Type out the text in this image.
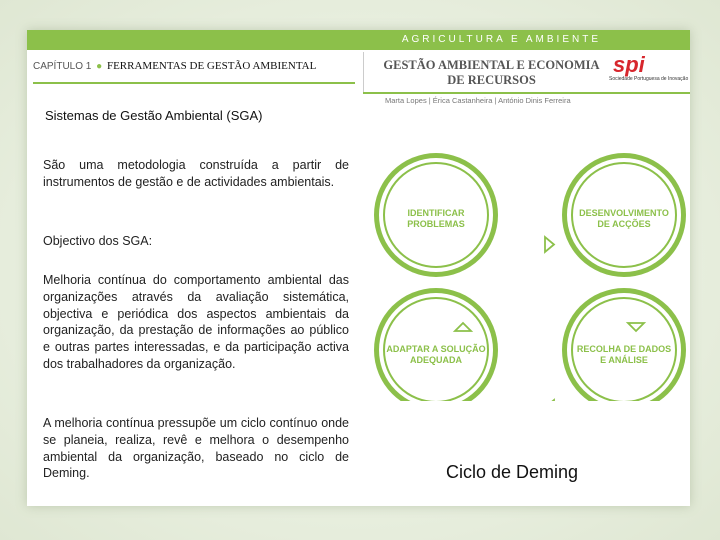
AGRICULTURA E AMBIENTE
CAPÍTULO 1 ● FERRAMENTAS DE GESTÃO AMBIENTAL	GESTÃO AMBIENTAL E ECONOMIA
DE RECURSOS
spi
Sociedade Portuguesa de Inovação
Marta Lopes | Érica Castanheira | António Dinis Ferreira
Sistemas de Gestão Ambiental (SGA)

São uma metodologia construída a partir de instrumentos de gestão e de actividades ambientais.

Objectivo dos SGA:

Melhoria contínua do comportamento ambiental das organizações através da avaliação sistemática, objectiva e periódica dos aspectos ambientais da organização, da prestação de informações ao público e outras partes interessadas, e da participação activa dos trabalhadores da organização.

A melhoria contínua pressupõe um ciclo contínuo onde se planeia, realiza, revê e melhora o desempenho ambiental da organização, baseado no ciclo de Deming.

IDENTIFICAR
PROBLEMAS
DESENVOLVIMENTO
DE ACÇÕES
RECOLHA DE DADOS
E ANÁLISE
ADAPTAR A SOLUÇÃO
ADEQUADA
Ciclo de Deming
